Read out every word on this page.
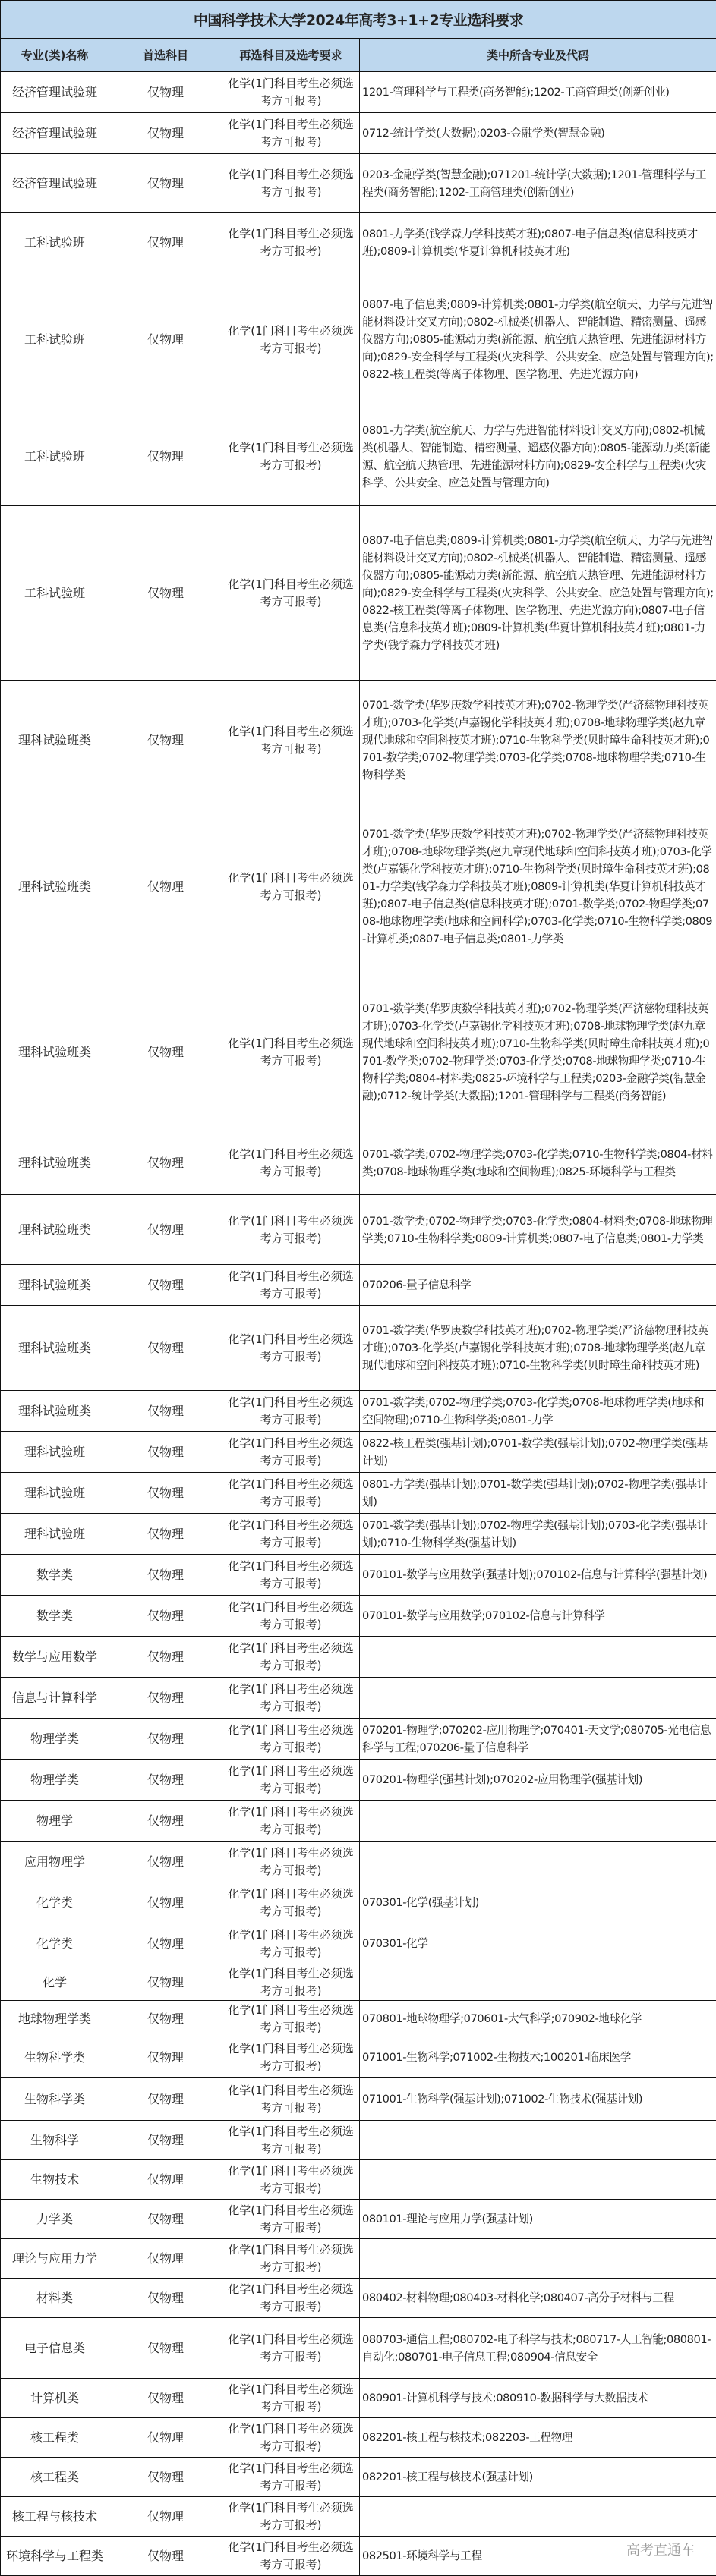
中国科学技术大学2024年高考3+1+2专业选科要求			
专业(类)名称	首选科目	再选科目及选考要求	类中所含专业及代码
经济管理试验班	仅物理	化学(1门科目考生必须选考方可报考)	1201-管理科学与工程类(商务智能);1202-工商管理类(创新创业)
经济管理试验班	仅物理	化学(1门科目考生必须选考方可报考)	0712-统计学类(大数据);0203-金融学类(智慧金融)
经济管理试验班	仅物理	化学(1门科目考生必须选考方可报考)	0203-金融学类(智慧金融);071201-统计学(大数据);1201-管理科学与工程类(商务智能);1202-工商管理类(创新创业)
工科试验班	仅物理	化学(1门科目考生必须选考方可报考)	0801-力学类(钱学森力学科技英才班);0807-电子信息类(信息科技英才班);0809-计算机类(华夏计算机科技英才班)
工科试验班	仅物理	化学(1门科目考生必须选考方可报考)	0807-电子信息类;0809-计算机类;0801-力学类(航空航天、力学与先进智能材料设计交叉方向);0802-机械类(机器人、智能制造、精密测量、遥感仪器方向);0805-能源动力类(新能源、航空航天热管理、先进能源材料方向);0829-安全科学与工程类(火灾科学、公共安全、应急处置与管理方向);0822-核工程类(等离子体物理、医学物理、先进光源方向)
工科试验班	仅物理	化学(1门科目考生必须选考方可报考)	0801-力学类(航空航天、力学与先进智能材料设计交叉方向);0802-机械类(机器人、智能制造、精密测量、遥感仪器方向);0805-能源动力类(新能源、航空航天热管理、先进能源材料方向);0829-安全科学与工程类(火灾科学、公共安全、应急处置与管理方向)
工科试验班	仅物理	化学(1门科目考生必须选考方可报考)	0807-电子信息类;0809-计算机类;0801-力学类(航空航天、力学与先进智能材料设计交叉方向);0802-机械类(机器人、智能制造、精密测量、遥感仪器方向);0805-能源动力类(新能源、航空航天热管理、先进能源材料方向);0829-安全科学与工程类(火灾科学、公共安全、应急处置与管理方向);0822-核工程类(等离子体物理、医学物理、先进光源方向);0807-电子信息类(信息科技英才班);0809-计算机类(华夏计算机科技英才班);0801-力学类(钱学森力学科技英才班)
理科试验班类	仅物理	化学(1门科目考生必须选考方可报考)	0701-数学类(华罗庚数学科技英才班);0702-物理学类(严济慈物理科技英才班);0703-化学类(卢嘉锡化学科技英才班);0708-地球物理学类(赵九章现代地球和空间科技英才班);0710-生物科学类(贝时璋生命科技英才班);0701-数学类;0702-物理学类;0703-化学类;0708-地球物理学类;0710-生物科学类
理科试验班类	仅物理	化学(1门科目考生必须选考方可报考)	0701-数学类(华罗庚数学科技英才班);0702-物理学类(严济慈物理科技英才班);0708-地球物理学类(赵九章现代地球和空间科技英才班);0703-化学类(卢嘉锡化学科技英才班);0710-生物科学类(贝时璋生命科技英才班);0801-力学类(钱学森力学科技英才班);0809-计算机类(华夏计算机科技英才班);0807-电子信息类(信息科技英才班);0701-数学类;0702-物理学类;0708-地球物理学类(地球和空间科学);0703-化学类;0710-生物科学类;0809-计算机类;0807-电子信息类;0801-力学类
理科试验班类	仅物理	化学(1门科目考生必须选考方可报考)	0701-数学类(华罗庚数学科技英才班);0702-物理学类(严济慈物理科技英才班);0703-化学类(卢嘉锡化学科技英才班);0708-地球物理学类(赵九章现代地球和空间科技英才班);0710-生物科学类(贝时璋生命科技英才班);0701-数学类;0702-物理学类;0703-化学类;0708-地球物理学类;0710-生物科学类;0804-材料类;0825-环境科学与工程类;0203-金融学类(智慧金融);0712-统计学类(大数据);1201-管理科学与工程类(商务智能)
理科试验班类	仅物理	化学(1门科目考生必须选考方可报考)	0701-数学类;0702-物理学类;0703-化学类;0710-生物科学类;0804-材料类;0708-地球物理学类(地球和空间物理);0825-环境科学与工程类
理科试验班类	仅物理	化学(1门科目考生必须选考方可报考)	0701-数学类;0702-物理学类;0703-化学类;0804-材料类;0708-地球物理学类;0710-生物科学类;0809-计算机类;0807-电子信息类;0801-力学类
理科试验班类	仅物理	化学(1门科目考生必须选考方可报考)	070206-量子信息科学
理科试验班类	仅物理	化学(1门科目考生必须选考方可报考)	0701-数学类(华罗庚数学科技英才班);0702-物理学类(严济慈物理科技英才班);0703-化学类(卢嘉锡化学科技英才班);0708-地球物理学类(赵九章现代地球和空间科技英才班);0710-生物科学类(贝时璋生命科技英才班)
理科试验班类	仅物理	化学(1门科目考生必须选考方可报考)	0701-数学类;0702-物理学类;0703-化学类;0708-地球物理学类(地球和空间物理);0710-生物科学类;0801-力学
理科试验班	仅物理	化学(1门科目考生必须选考方可报考)	0822-核工程类(强基计划);0701-数学类(强基计划);0702-物理学类(强基计划)
理科试验班	仅物理	化学(1门科目考生必须选考方可报考)	0801-力学类(强基计划);0701-数学类(强基计划);0702-物理学类(强基计划)
理科试验班	仅物理	化学(1门科目考生必须选考方可报考)	0701-数学类(强基计划);0702-物理学类(强基计划);0703-化学类(强基计划);0710-生物科学类(强基计划)
数学类	仅物理	化学(1门科目考生必须选考方可报考)	070101-数学与应用数学(强基计划);070102-信息与计算科学(强基计划)
数学类	仅物理	化学(1门科目考生必须选考方可报考)	070101-数学与应用数学;070102-信息与计算科学
数学与应用数学	仅物理	化学(1门科目考生必须选考方可报考)	
信息与计算科学	仅物理	化学(1门科目考生必须选考方可报考)	
物理学类	仅物理	化学(1门科目考生必须选考方可报考)	070201-物理学;070202-应用物理学;070401-天文学;080705-光电信息科学与工程;070206-量子信息科学
物理学类	仅物理	化学(1门科目考生必须选考方可报考)	070201-物理学(强基计划);070202-应用物理学(强基计划)
物理学	仅物理	化学(1门科目考生必须选考方可报考)	
应用物理学	仅物理	化学(1门科目考生必须选考方可报考)	
化学类	仅物理	化学(1门科目考生必须选考方可报考)	070301-化学(强基计划)
化学类	仅物理	化学(1门科目考生必须选考方可报考)	070301-化学
化学	仅物理	化学(1门科目考生必须选考方可报考)	
地球物理学类	仅物理	化学(1门科目考生必须选考方可报考)	070801-地球物理学;070601-大气科学;070902-地球化学
生物科学类	仅物理	化学(1门科目考生必须选考方可报考)	071001-生物科学;071002-生物技术;100201-临床医学
生物科学类	仅物理	化学(1门科目考生必须选考方可报考)	071001-生物科学(强基计划);071002-生物技术(强基计划)
生物科学	仅物理	化学(1门科目考生必须选考方可报考)	
生物技术	仅物理	化学(1门科目考生必须选考方可报考)	
力学类	仅物理	化学(1门科目考生必须选考方可报考)	080101-理论与应用力学(强基计划)
理论与应用力学	仅物理	化学(1门科目考生必须选考方可报考)	
材料类	仅物理	化学(1门科目考生必须选考方可报考)	080402-材料物理;080403-材料化学;080407-高分子材料与工程
电子信息类	仅物理	化学(1门科目考生必须选考方可报考)	080703-通信工程;080702-电子科学与技术;080717-人工智能;080801-自动化;080701-电子信息工程;080904-信息安全
计算机类	仅物理	化学(1门科目考生必须选考方可报考)	080901-计算机科学与技术;080910-数据科学与大数据技术
核工程类	仅物理	化学(1门科目考生必须选考方可报考)	082201-核工程与核技术;082203-工程物理
核工程类	仅物理	化学(1门科目考生必须选考方可报考)	082201-核工程与核技术(强基计划)
核工程与核技术	仅物理	化学(1门科目考生必须选考方可报考)	
环境科学与工程类	仅物理	化学(1门科目考生必须选考方可报考)	082501-环境科学与工程	高考直通车
